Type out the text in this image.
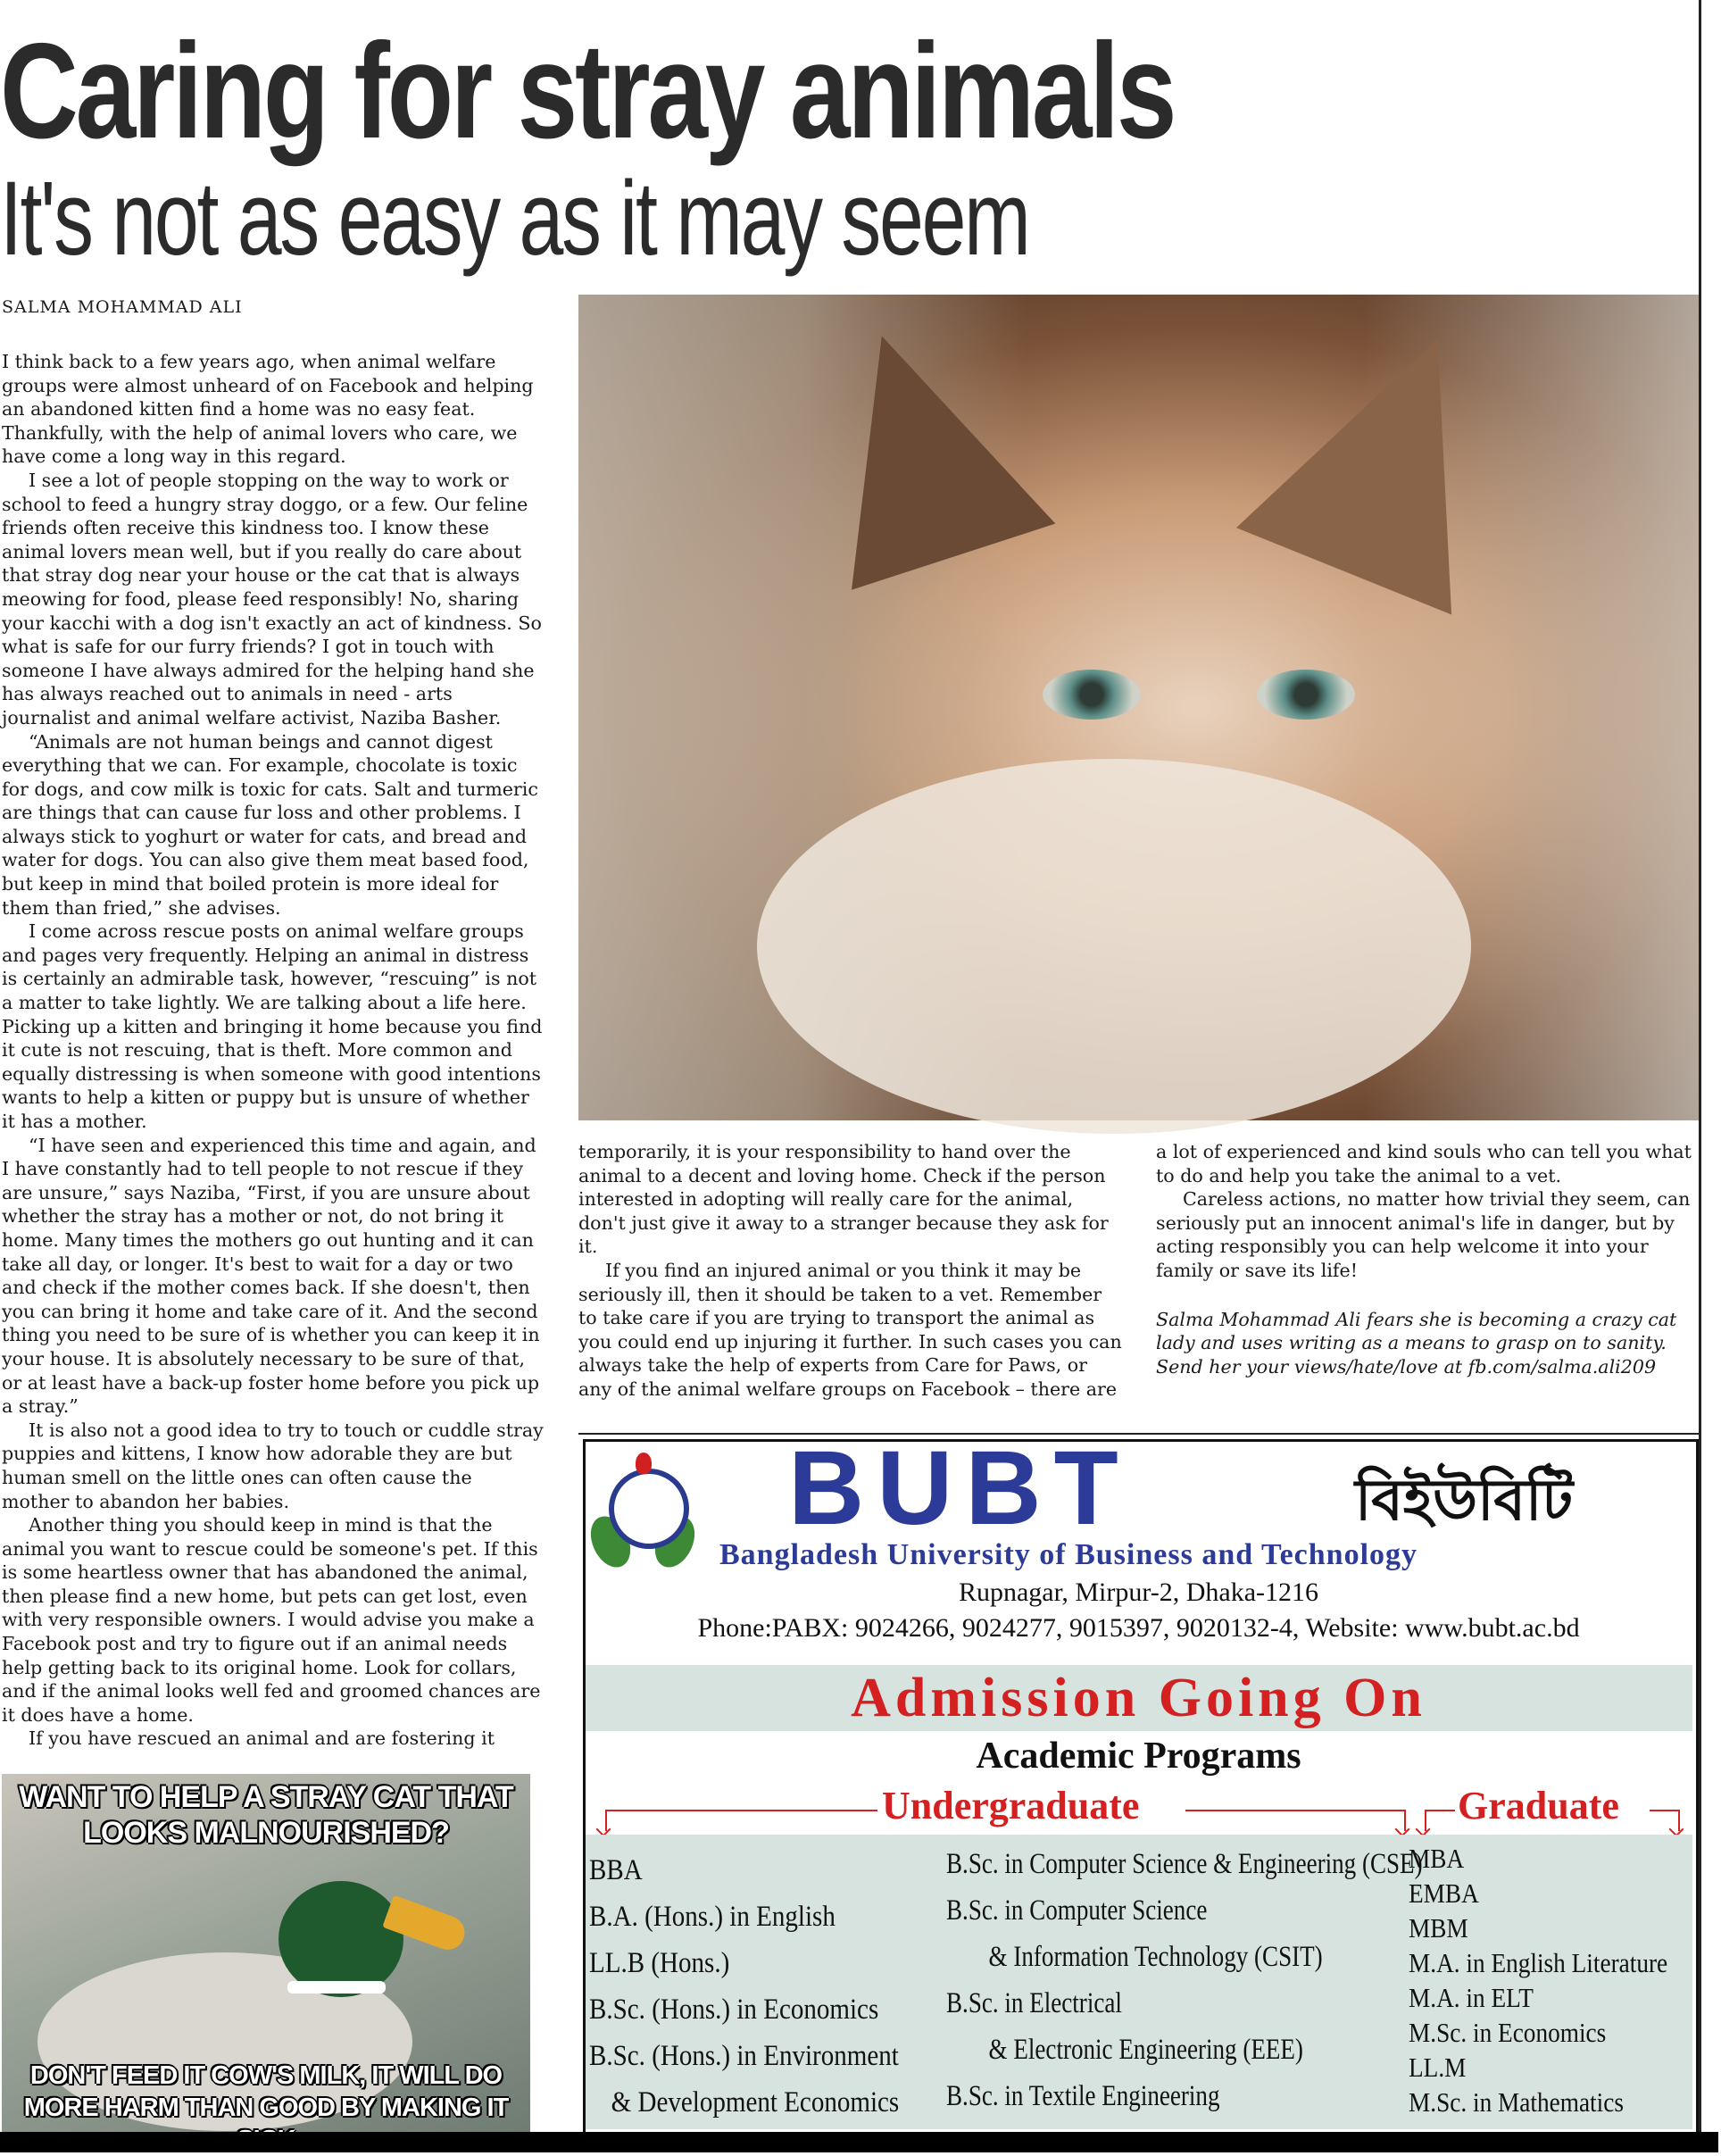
Caring for stray animals
It's not as easy as it may seem
SALMA MOHAMMAD ALI

I think back to a few years ago, when animal welfare groups were almost unheard of on Facebook and helping an abandoned kitten find a home was no easy feat. Thankfully, with the help of animal lovers who care, we have come a long way in this regard.

I see a lot of people stopping on the way to work or school to feed a hungry stray doggo, or a few. Our feline friends often receive this kindness too. I know these animal lovers mean well, but if you really do care about that stray dog near your house or the cat that is always meowing for food, please feed responsibly! No, sharing your kacchi with a dog isn't exactly an act of kindness. So what is safe for our furry friends? I got in touch with someone I have always admired for the helping hand she has always reached out to animals in need - arts journalist and animal welfare activist, Naziba Basher.

“Animals are not human beings and cannot digest everything that we can. For example, chocolate is toxic for dogs, and cow milk is toxic for cats. Salt and turmeric are things that can cause fur loss and other problems. I always stick to yoghurt or water for cats, and bread and water for dogs. You can also give them meat based food, but keep in mind that boiled protein is more ideal for them than fried,” she advises.

I come across rescue posts on animal welfare groups and pages very frequently. Helping an animal in distress is certainly an admirable task, however, “rescuing” is not a matter to take lightly. We are talking about a life here. Picking up a kitten and bringing it home because you find it cute is not rescuing, that is theft. More common and equally distressing is when someone with good intentions wants to help a kitten or puppy but is unsure of whether it has a mother.

“I have seen and experienced this time and again, and I have constantly had to tell people to not rescue if they are unsure,” says Naziba, “First, if you are unsure about whether the stray has a mother or not, do not bring it home. Many times the mothers go out hunting and it can take all day, or longer. It's best to wait for a day or two and check if the mother comes back. If she doesn't, then you can bring it home and take care of it. And the second thing you need to be sure of is whether you can keep it in your house. It is absolutely necessary to be sure of that, or at least have a back-up foster home before you pick up a stray.”

It is also not a good idea to try to touch or cuddle stray puppies and kittens, I know how adorable they are but human smell on the little ones can often cause the mother to abandon her babies.

Another thing you should keep in mind is that the animal you want to rescue could be someone's pet. If this is some heartless owner that has abandoned the animal, then please find a new home, but pets can get lost, even with very responsible owners. I would advise you make a Facebook post and try to figure out if an animal needs help getting back to its original home. Look for collars, and if the animal looks well fed and groomed chances are it does have a home.

If you have rescued an animal and are fostering it

temporarily, it is your responsibility to hand over the animal to a decent and loving home. Check if the person interested in adopting will really care for the animal, don't just give it away to a stranger because they ask for it.

If you find an injured animal or you think it may be seriously ill, then it should be taken to a vet. Remember to take care if you are trying to transport the animal as you could end up injuring it further. In such cases you can always take the help of experts from Care for Paws, or any of the animal welfare groups on Facebook – there are

a lot of experienced and kind souls who can tell you what to do and help you take the animal to a vet.

Careless actions, no matter how trivial they seem, can seriously put an innocent animal's life in danger, but by acting responsibly you can help welcome it into your family or save its life!

Salma Mohammad Ali fears she is becoming a crazy cat lady and uses writing as a means to grasp on to sanity. Send her your views/hate/love at fb.com/salma.ali209

WANT TO HELP A STRAY CAT THAT LOOKS MALNOURISHED?
DON'T FEED IT COW'S MILK, IT WILL DO MORE HARM THAN GOOD BY MAKING IT
BUBT	বিইউবিটি
Bangladesh University of Business and Technology
Rupnagar, Mirpur-2, Dhaka-1216
Phone:PABX: 9024266, 9024277, 9015397, 9020132-4, Website: www.bubt.ac.bd
Admission Going On
Academic Programs
Undergraduate	Graduate
BBA
B.A. (Hons.) in English
LL.B (Hons.)
B.Sc. (Hons.) in Economics
B.Sc. (Hons.) in Environment
& Development Economics
B.Sc. in Computer Science & Engineering (CSE)
B.Sc. in Computer Science
& Information Technology (CSIT)
B.Sc. in Electrical
& Electronic Engineering (EEE)
B.Sc. in Textile Engineering
MBA
EMBA
MBM
M.A. in English Literature
M.A. in ELT
M.Sc. in Economics
LL.M
M.Sc. in Mathematics
